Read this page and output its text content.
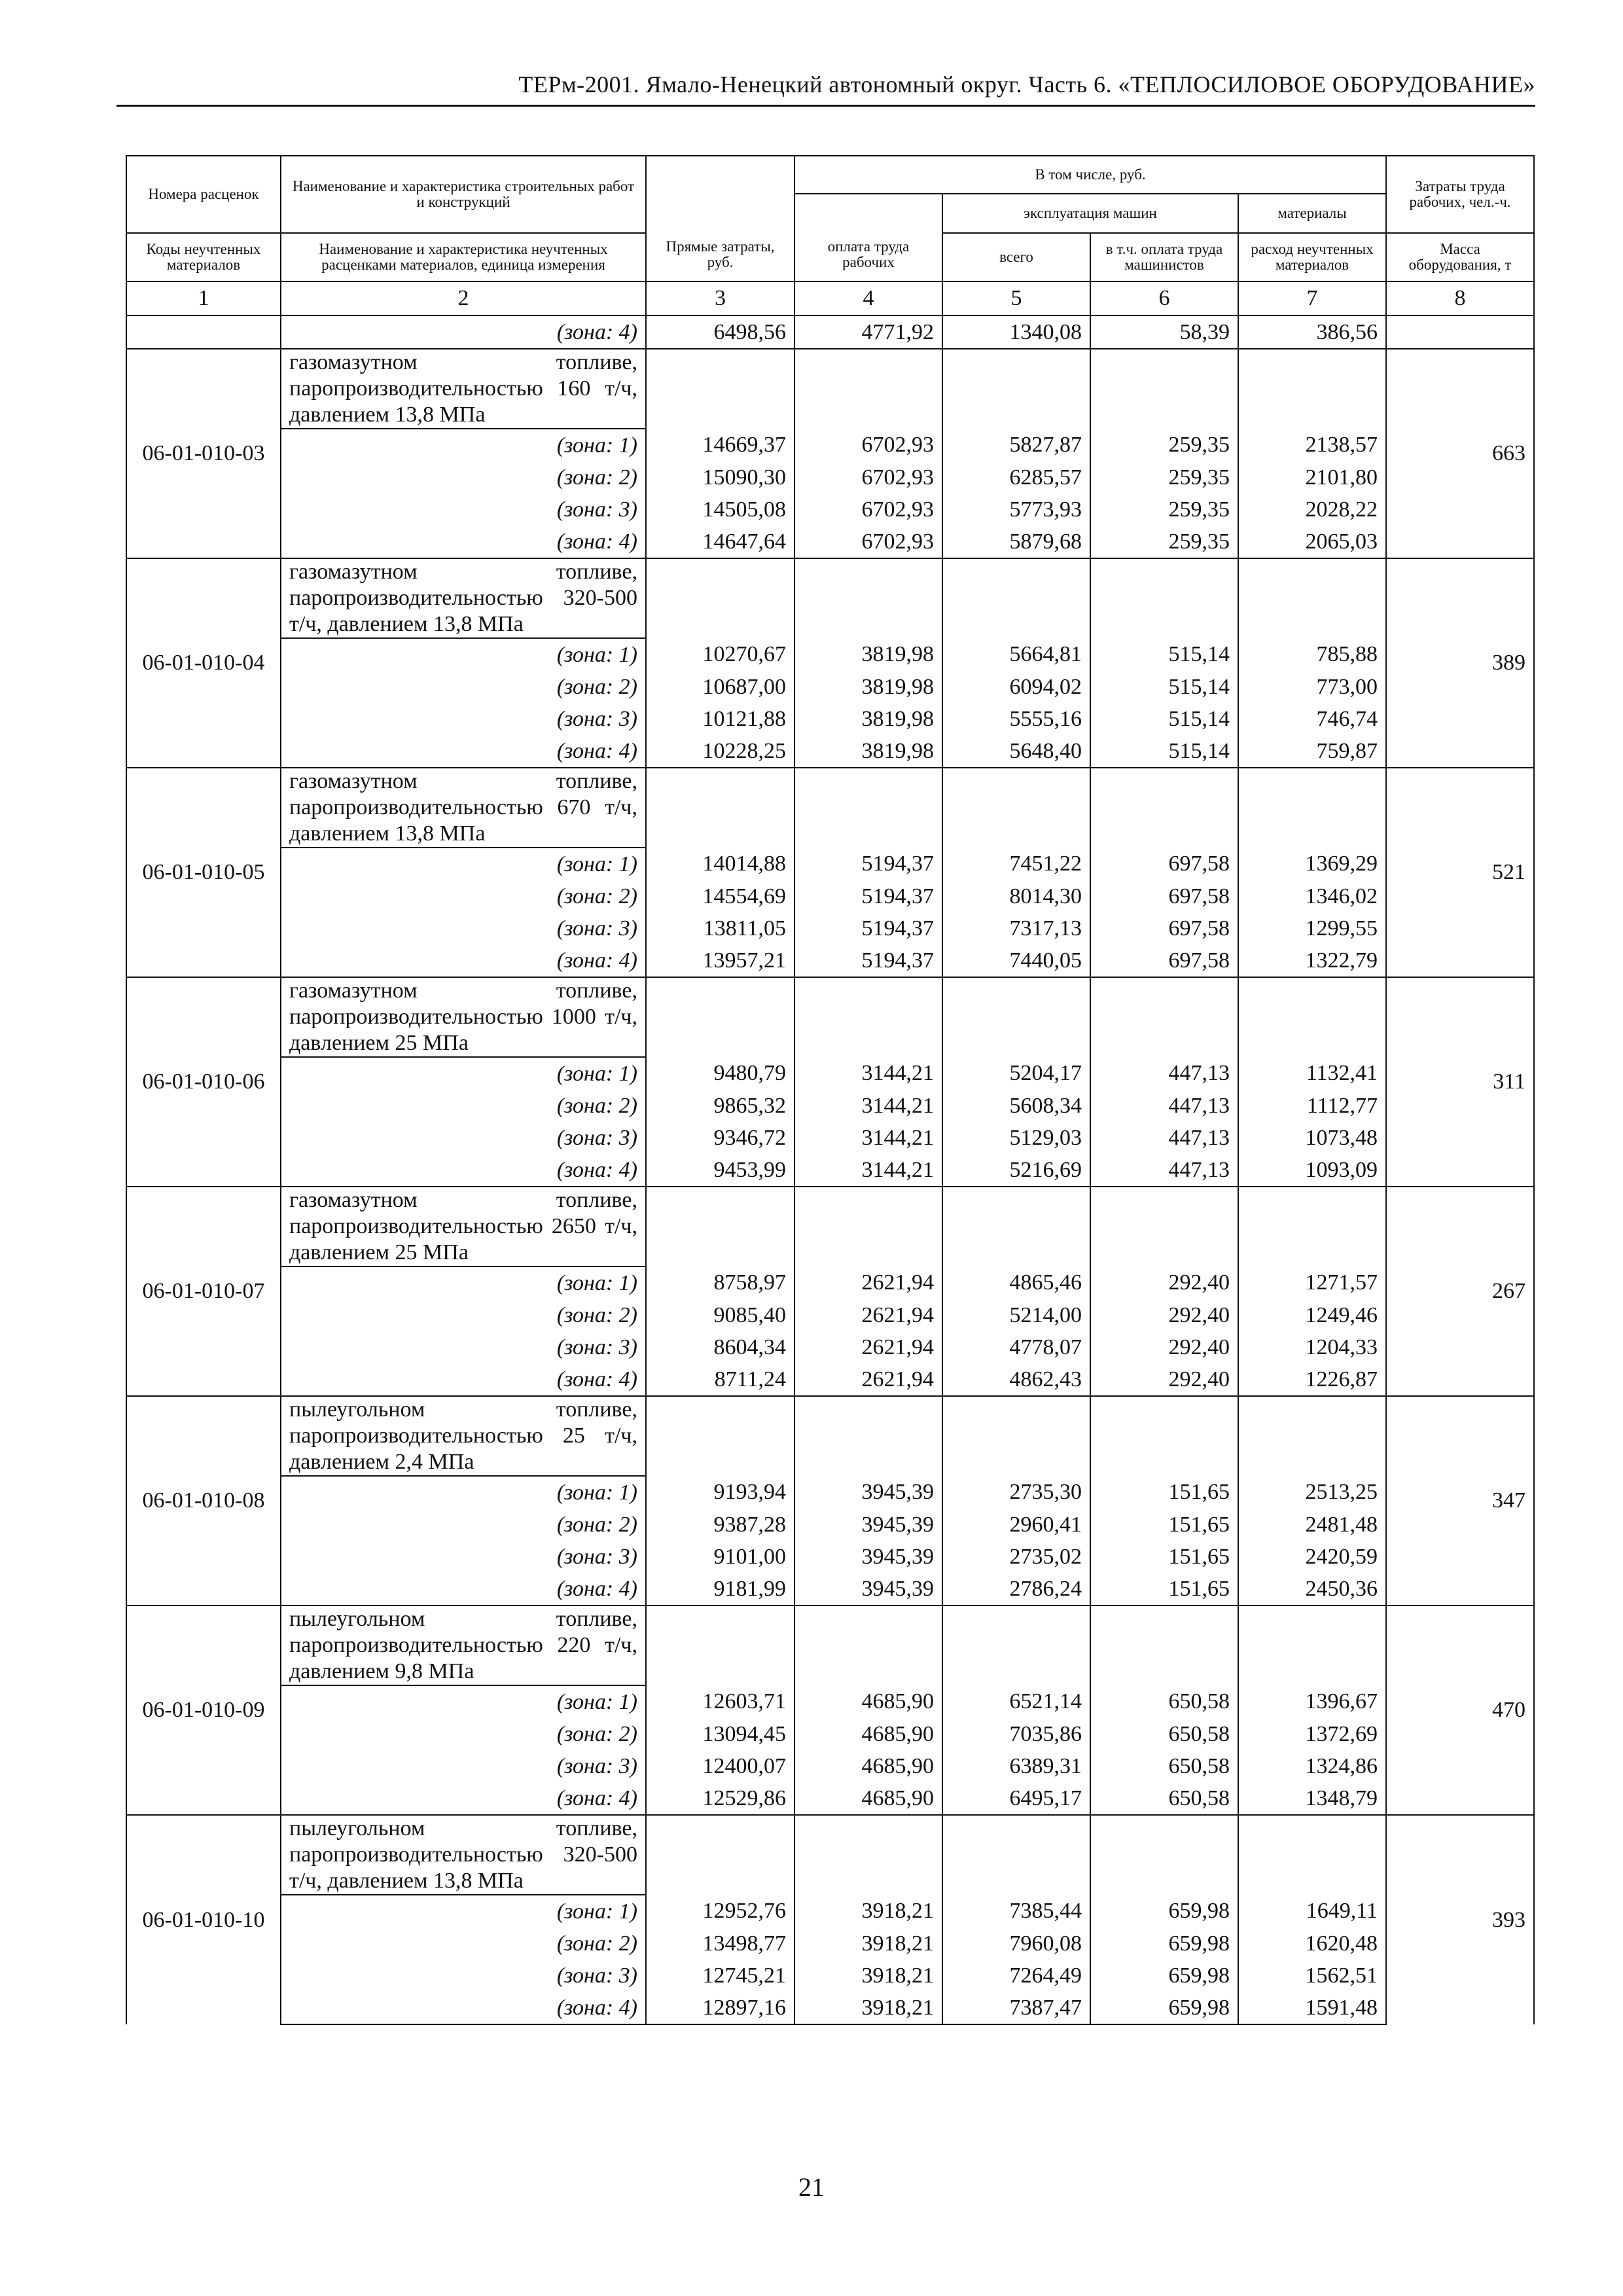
ТЕРм-2001. Ямало-Ненецкий автономный округ. Часть 6. «ТЕПЛОСИЛОВОЕ ОБОРУДОВАНИЕ»
Номера расценок	Наименование и характеристика строительных работ и конструкций	Прямые затраты, руб.	В том числе, руб.				Затраты труда рабочих, чел.-ч.
			оплата труда рабочих	эксплуатация машин		материалы	
Коды неучтенных материалов	Наименование и характеристика неучтенных расценками материалов, единица измерения			всего	в т.ч. оплата труда машинистов	расход неучтенных материалов	Масса оборудования, т
1	2	3	4	5	6	7	8
	(зона: 4)	6498,56	4771,92	1340,08	58,39	386,56	
06-01-010-03	газомазутном топливе, паропроизводительностью 160 т/ч, давлением 13,8 МПа						663
	(зона: 1)	14669,37	6702,93	5827,87	259,35	2138,57	
	(зона: 2)	15090,30	6702,93	6285,57	259,35	2101,80	
	(зона: 3)	14505,08	6702,93	5773,93	259,35	2028,22	
	(зона: 4)	14647,64	6702,93	5879,68	259,35	2065,03	
06-01-010-04	газомазутном топливе, паропроизводительностью 320-500 т/ч, давлением 13,8 МПа						389
	(зона: 1)	10270,67	3819,98	5664,81	515,14	785,88	
	(зона: 2)	10687,00	3819,98	6094,02	515,14	773,00	
	(зона: 3)	10121,88	3819,98	5555,16	515,14	746,74	
	(зона: 4)	10228,25	3819,98	5648,40	515,14	759,87	
06-01-010-05	газомазутном топливе, паропроизводительностью 670 т/ч, давлением 13,8 МПа						521
	(зона: 1)	14014,88	5194,37	7451,22	697,58	1369,29	
	(зона: 2)	14554,69	5194,37	8014,30	697,58	1346,02	
	(зона: 3)	13811,05	5194,37	7317,13	697,58	1299,55	
	(зона: 4)	13957,21	5194,37	7440,05	697,58	1322,79	
06-01-010-06	газомазутном топливе, паропроизводительностью 1000 т/ч, давлением 25 МПа						311
	(зона: 1)	9480,79	3144,21	5204,17	447,13	1132,41	
	(зона: 2)	9865,32	3144,21	5608,34	447,13	1112,77	
	(зона: 3)	9346,72	3144,21	5129,03	447,13	1073,48	
	(зона: 4)	9453,99	3144,21	5216,69	447,13	1093,09	
06-01-010-07	газомазутном топливе, паропроизводительностью 2650 т/ч, давлением 25 МПа						267
	(зона: 1)	8758,97	2621,94	4865,46	292,40	1271,57	
	(зона: 2)	9085,40	2621,94	5214,00	292,40	1249,46	
	(зона: 3)	8604,34	2621,94	4778,07	292,40	1204,33	
	(зона: 4)	8711,24	2621,94	4862,43	292,40	1226,87	
06-01-010-08	пылеугольном топливе, паропроизводительностью 25 т/ч, давлением 2,4 МПа						347
	(зона: 1)	9193,94	3945,39	2735,30	151,65	2513,25	
	(зона: 2)	9387,28	3945,39	2960,41	151,65	2481,48	
	(зона: 3)	9101,00	3945,39	2735,02	151,65	2420,59	
	(зона: 4)	9181,99	3945,39	2786,24	151,65	2450,36	
06-01-010-09	пылеугольном топливе, паропроизводительностью 220 т/ч, давлением 9,8 МПа						470
	(зона: 1)	12603,71	4685,90	6521,14	650,58	1396,67	
	(зона: 2)	13094,45	4685,90	7035,86	650,58	1372,69	
	(зона: 3)	12400,07	4685,90	6389,31	650,58	1324,86	
	(зона: 4)	12529,86	4685,90	6495,17	650,58	1348,79	
06-01-010-10	пылеугольном топливе, паропроизводительностью 320-500 т/ч, давлением 13,8 МПа						393
	(зона: 1)	12952,76	3918,21	7385,44	659,98	1649,11	
	(зона: 2)	13498,77	3918,21	7960,08	659,98	1620,48	
	(зона: 3)	12745,21	3918,21	7264,49	659,98	1562,51	
	(зона: 4)	12897,16	3918,21	7387,47	659,98	1591,48	
21
